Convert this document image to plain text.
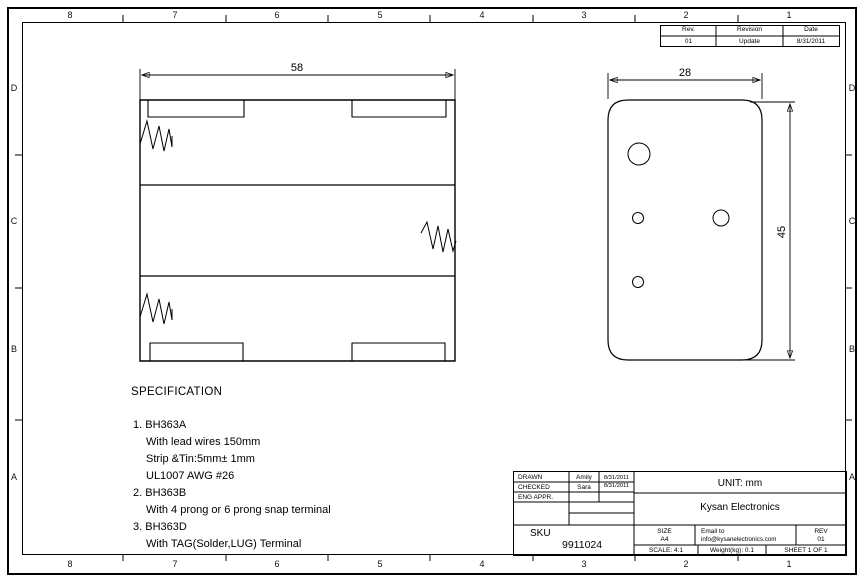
8	7	6	5	4	3	2	1
8	7	6	5	4	3	2	1
D
C
B
A
D
C
B
A
58	28
45
Rev.	Revision	Date
01	Update	8/31/2011
SPECIFICATION
1. BH363A
With lead wires 150mm
Strip &Tin:5mm± 1mm
UL1007 AWG #26
2. BH363B
With 4 prong or 6 prong snap terminal
3. BH363D
With TAG(Solder,LUG) Terminal
DRAWN	Amily	8/31/2011
CHECKED	Sara	8/31/2011
ENG APPR.
UNIT: mm
Kysan Electronics
SKU
9911024
SIZE
A4
Email to
info@kysanelectronics.com
REV
01
SCALE: 4:1	Weight(kg): 0.1	SHEET 1 OF 1
